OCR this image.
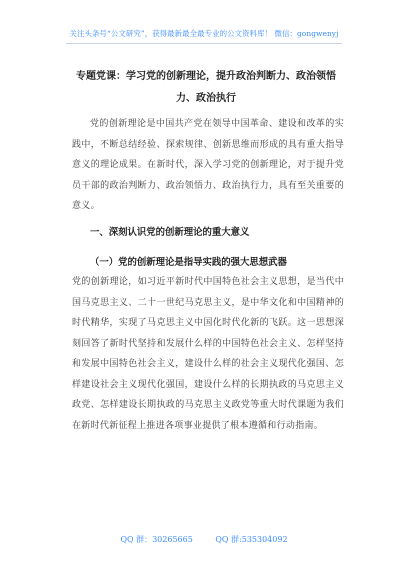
关注头条号“公文研究”，获得最新最全最专业的公文资料库！ 微信：gongwenyj
专题党课：学习党的创新理论，提升政治判断力、政治领悟力、政治执行
党的创新理论是中国共产党在领导中国革命、建设和改革的实践中，不断总结经验、探索规律、创新思维而形成的具有重大指导意义的理论成果。在新时代，深入学习党的创新理论，对于提升党员干部的政治判断力、政治领悟力、政治执行力，具有至关重要的意义。
一、深刻认识党的创新理论的重大意义
（一）党的创新理论是指导实践的强大思想武器
党的创新理论，如习近平新时代中国特色社会主义思想，是当代中国马克思主义、二十一世纪马克思主义，是中华文化和中国精神的时代精华，实现了马克思主义中国化时代化新的飞跃。这一思想深刻回答了新时代坚持和发展什么样的中国特色社会主义、怎样坚持和发展中国特色社会主义，建设什么样的社会主义现代化强国、怎样建设社会主义现代化强国，建设什么样的长期执政的马克思主义政党、怎样建设长期执政的马克思主义政党等重大时代课题为我们在新时代新征程上推进各项事业提供了根本遵循和行动指南。
QQ 群：30265665	QQ 群:535304092
